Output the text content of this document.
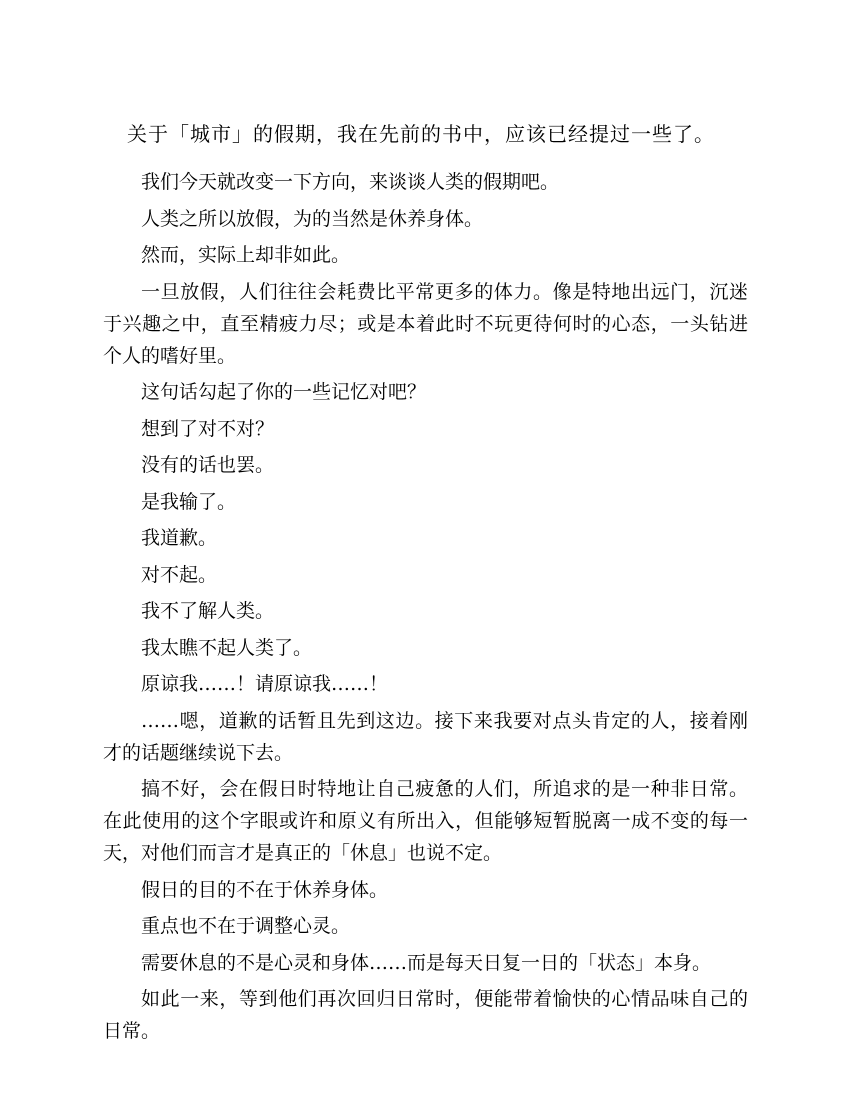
关于「城市」的假期，我在先前的书中，应该已经提过一些了。

我们今天就改变一下方向，来谈谈人类的假期吧。

人类之所以放假，为的当然是休养身体。

然而，实际上却非如此。

一旦放假，人们往往会耗费比平常更多的体力。像是特地出远门，沉迷于兴趣之中，直至精疲力尽；或是本着此时不玩更待何时的心态，一头钻进个人的嗜好里。

这句话勾起了你的一些记忆对吧？

想到了对不对？

没有的话也罢。

是我输了。

我道歉。

对不起。

我不了解人类。

我太瞧不起人类了。

原谅我……！请原谅我……！

……嗯，道歉的话暂且先到这边。接下来我要对点头肯定的人，接着刚才的话题继续说下去。

搞不好，会在假日时特地让自己疲惫的人们，所追求的是一种非日常。在此使用的这个字眼或许和原义有所出入，但能够短暂脱离一成不变的每一天，对他们而言才是真正的「休息」也说不定。

假日的目的不在于休养身体。

重点也不在于调整心灵。

需要休息的不是心灵和身体……而是每天日复一日的「状态」本身。

如此一来，等到他们再次回归日常时，便能带着愉快的心情品味自己的日常。
